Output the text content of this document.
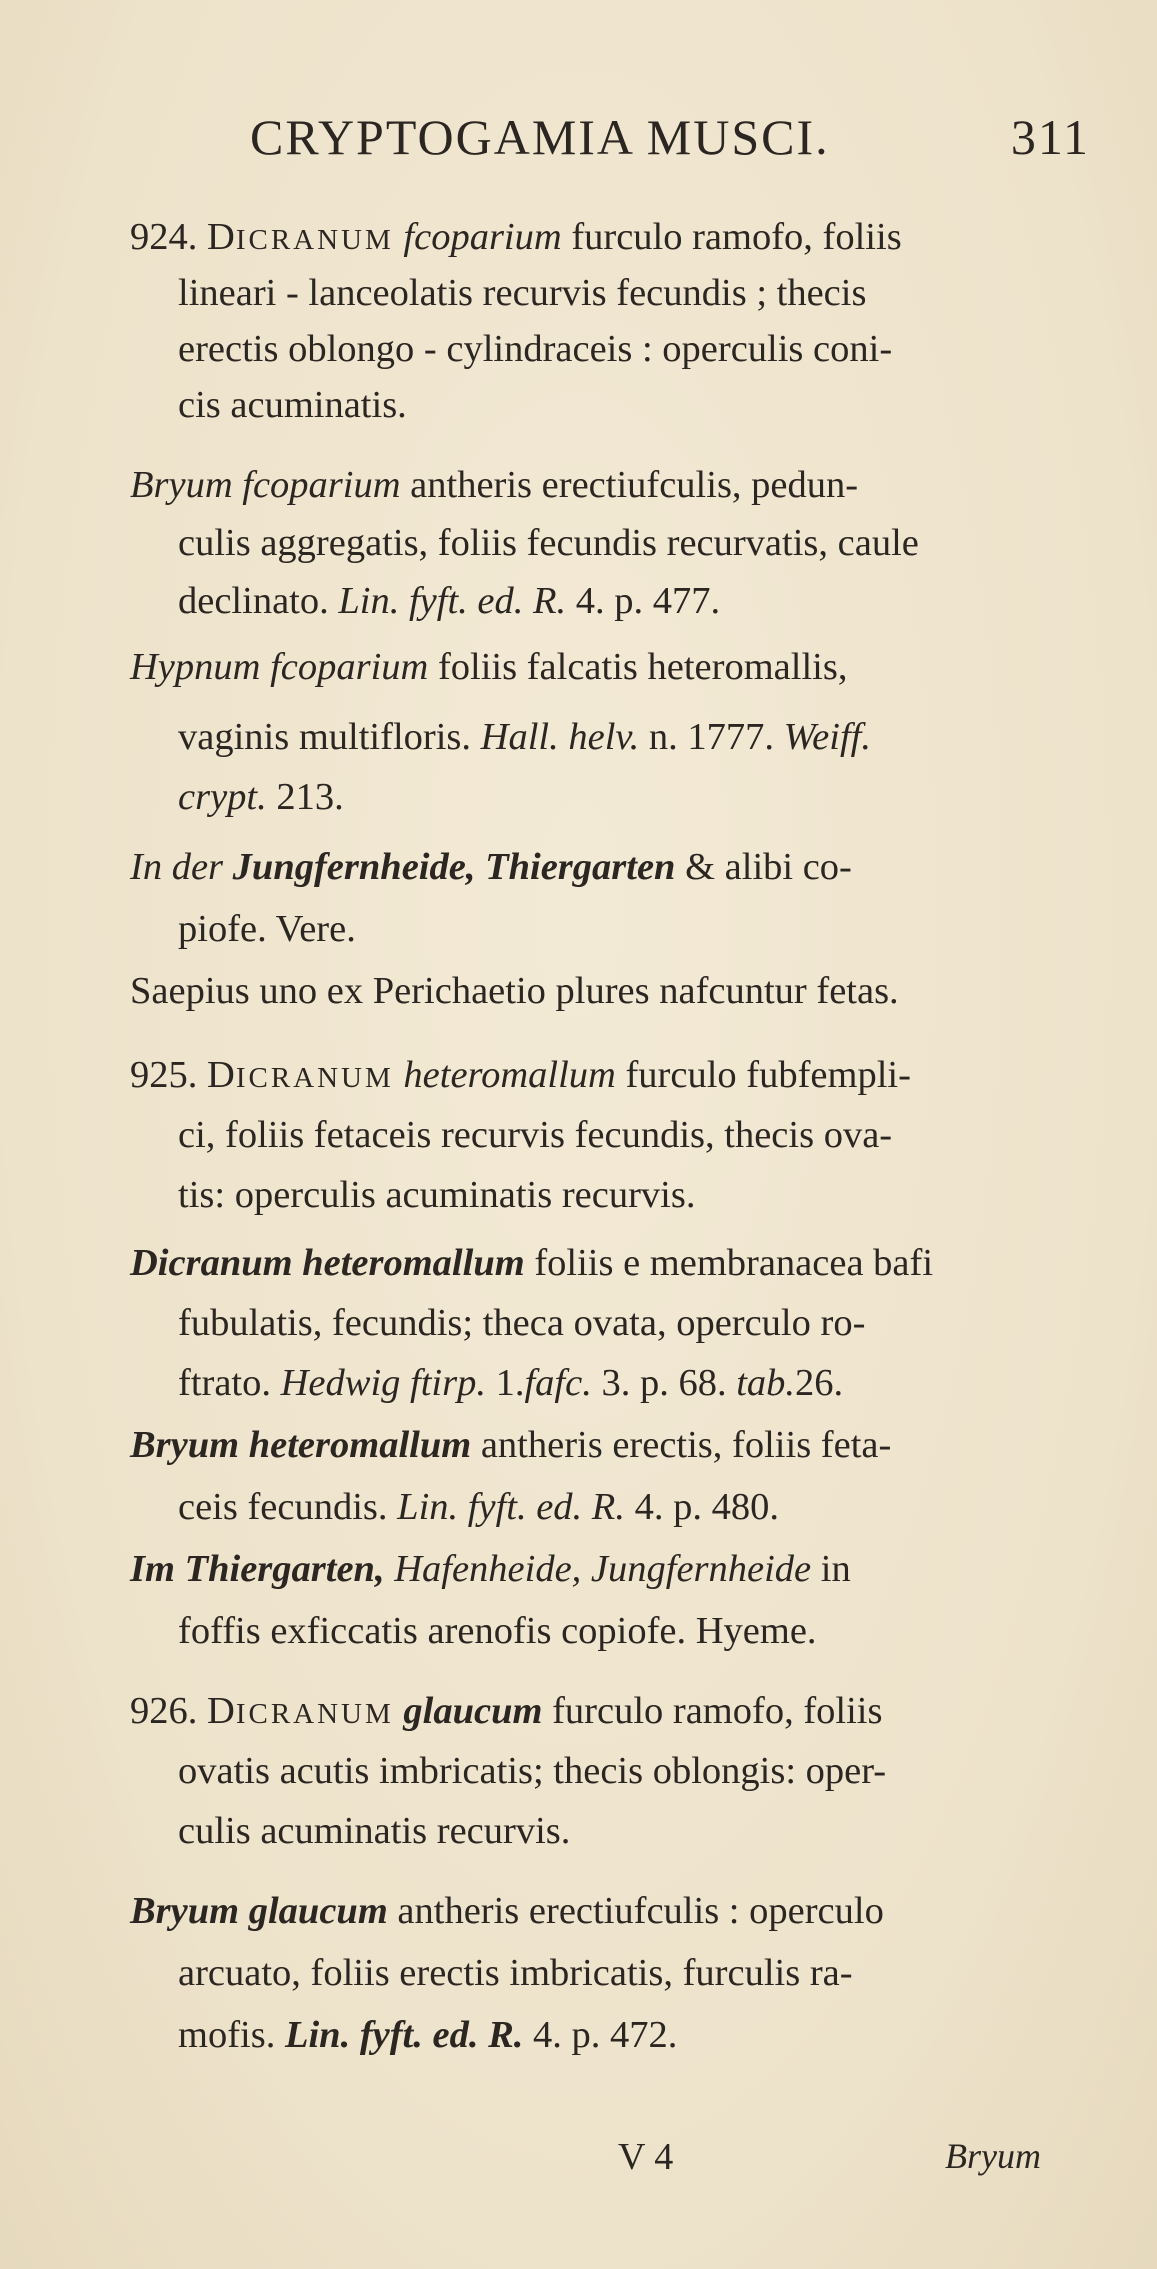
CRYPTOGAMIA MUSCI.	311
924. DICRANUM fcoparium furculo ramofo, foliis
lineari - lanceolatis recurvis fecundis ; thecis
erectis oblongo - cylindraceis : operculis coni-
cis acuminatis.
Bryum fcoparium antheris erectiufculis, pedun-
culis aggregatis, foliis fecundis recurvatis, caule
declinato. Lin. fyft. ed. R. 4. p. 477.
Hypnum fcoparium foliis falcatis heteromallis,
vaginis multifloris. Hall. helv. n. 1777. Weiff.
crypt. 213.
In der Jungfernheide, Thiergarten & alibi co-
piofe. Vere.
Saepius uno ex Perichaetio plures nafcuntur fetas.
925. DICRANUM heteromallum furculo fubfempli-
ci, foliis fetaceis recurvis fecundis, thecis ova-
tis: operculis acuminatis recurvis.
Dicranum heteromallum foliis e membranacea bafi
fubulatis, fecundis; theca ovata, operculo ro-
ftrato. Hedwig ftirp. 1.fafc. 3. p. 68. tab.26.
Bryum heteromallum antheris erectis, foliis feta-
ceis fecundis. Lin. fyft. ed. R. 4. p. 480.
Im Thiergarten, Hafenheide, Jungfernheide in
foffis exficcatis arenofis copiofe. Hyeme.
926. DICRANUM glaucum furculo ramofo, foliis
ovatis acutis imbricatis; thecis oblongis: oper-
culis acuminatis recurvis.
Bryum glaucum antheris erectiufculis : operculo
arcuato, foliis erectis imbricatis, furculis ra-
mofis. Lin. fyft. ed. R. 4. p. 472.
V 4	Bryum
